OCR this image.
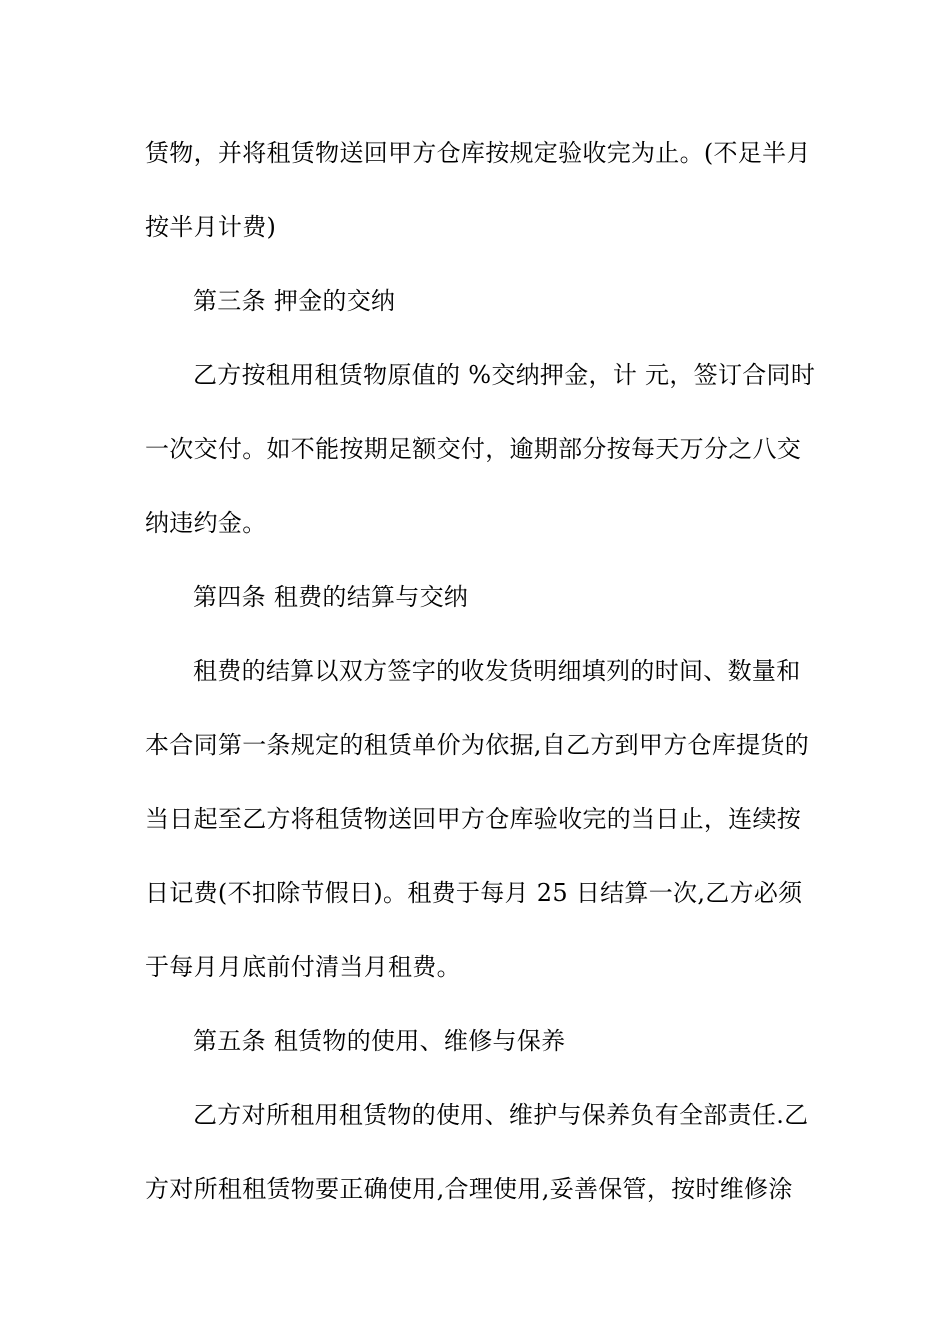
赁物，并将租赁物送回甲方仓库按规定验收完为止。(不足半月
按半月计费)
第三条 押金的交纳
乙方按租用租赁物原值的 %交纳押金，计 元，签订合同时
一次交付。如不能按期足额交付，逾期部分按每天万分之八交
纳违约金。
第四条 租费的结算与交纳
租费的结算以双方签字的收发货明细填列的时间、数量和
本合同第一条规定的租赁单价为依据,自乙方到甲方仓库提货的
当日起至乙方将租赁物送回甲方仓库验收完的当日止，连续按
日记费(不扣除节假日)。租费于每月 25 日结算一次,乙方必须
于每月月底前付清当月租费。
第五条 租赁物的使用、维修与保养
乙方对所租用租赁物的使用、维护与保养负有全部责任.乙
方对所租租赁物要正确使用,合理使用,妥善保管，按时维修涂
